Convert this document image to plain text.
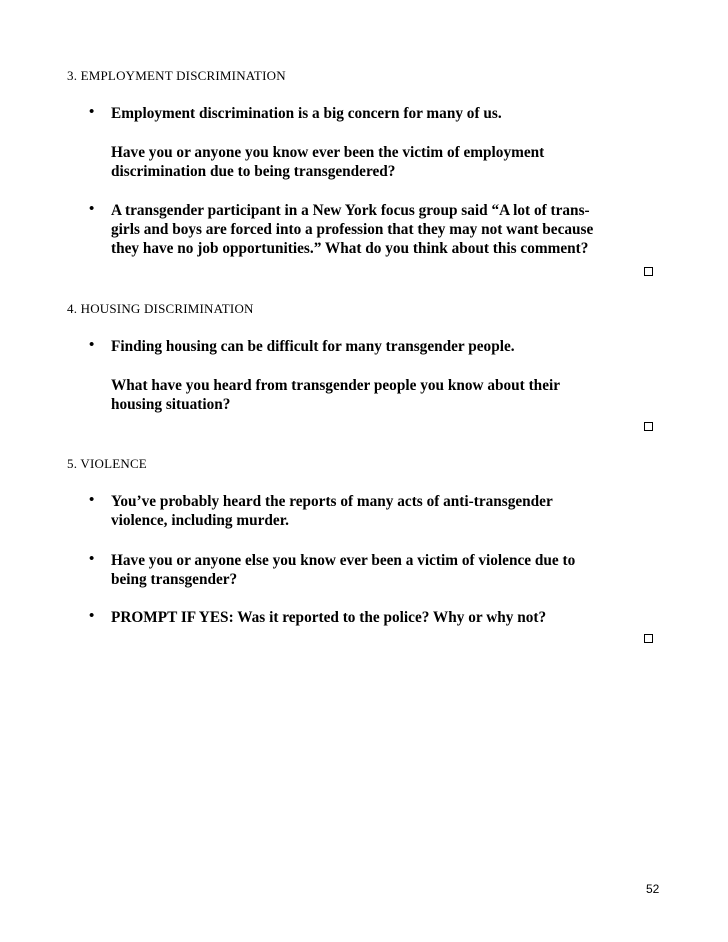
3. EMPLOYMENT DISCRIMINATION
• Employment discrimination is a big concern for many of us.
Have you or anyone you know ever been the victim of employment
discrimination due to being transgendered?
• A transgender participant in a New York focus group said “A lot of trans-
girls and boys are forced into a profession that they may not want because
they have no job opportunities.” What do you think about this comment?
4. HOUSING DISCRIMINATION
• Finding housing can be difficult for many transgender people.
What have you heard from transgender people you know about their
housing situation?
5. VIOLENCE
• You’ve probably heard the reports of many acts of anti-transgender
violence, including murder.
• Have you or anyone else you know ever been a victim of violence due to
being transgender?
• PROMPT IF YES: Was it reported to the police? Why or why not?
52
